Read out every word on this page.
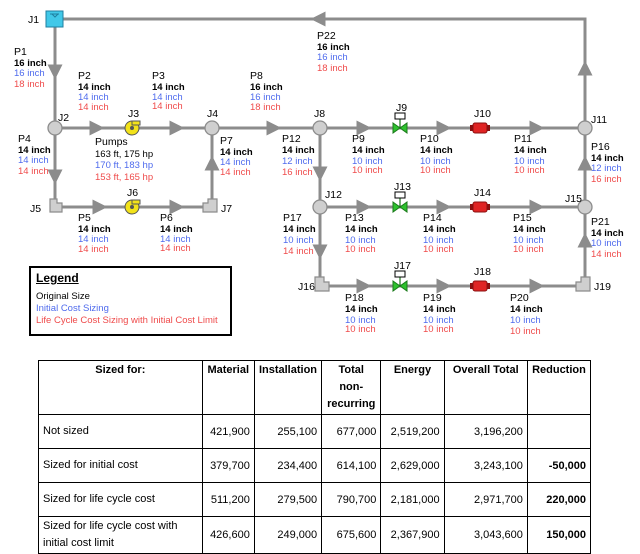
J1
J2	J3	J4
J5
J6
J7
J8	J9	J10	J11
J12
J13	J14	J15
J16
J17	J18
J19
P1
16 inch
16 inch
18 inch
P2
14 inch
14 inch
14 inch
P3
14 inch
14 inch
14 inch
P8
16 inch
16 inch
18 inch
P22
16 inch
16 inch
18 inch
P4
14 inch
14 inch
14 inch
Pumps
163 ft, 175 hp
170 ft, 183 hp
153 ft, 165 hp
P7
14 inch
14 inch
14 inch
P12
14 inch
12 inch
16 inch
P9
14 inch
10 inch
10 inch
P10
14 inch
10 inch
10 inch
P11
14 inch
10 inch
10 inch
P16
14 inch
12 inch
16 inch
P5
14 inch
14 inch
14 inch
P6
14 inch
14 inch
14 inch
P17
14 inch
10 inch
14 inch
P13
14 inch
10 inch
10 inch
P14
14 inch
10 inch
10 inch
P15
14 inch
10 inch
10 inch
P21
14 inch
10 inch
14 inch
P18
14 inch
10 inch
10 inch
P19
14 inch
10 inch
10 inch
P20
14 inch
10 inch
10 inch
Legend
Original Size
Initial Cost Sizing
Life Cycle Cost Sizing with Initial Cost Limit
Sized for:	Material	Installation	Total non-recurring	Energy	Overall Total	Reduction
Not sized	421,900	255,100	677,000	2,519,200	3,196,200	
Sized for initial cost	379,700	234,400	614,100	2,629,000	3,243,100	-50,000
Sized for life cycle cost	511,200	279,500	790,700	2,181,000	2,971,700	220,000
Sized for life cycle cost with initial cost limit	426,600	249,000	675,600	2,367,900	3,043,600	150,000
